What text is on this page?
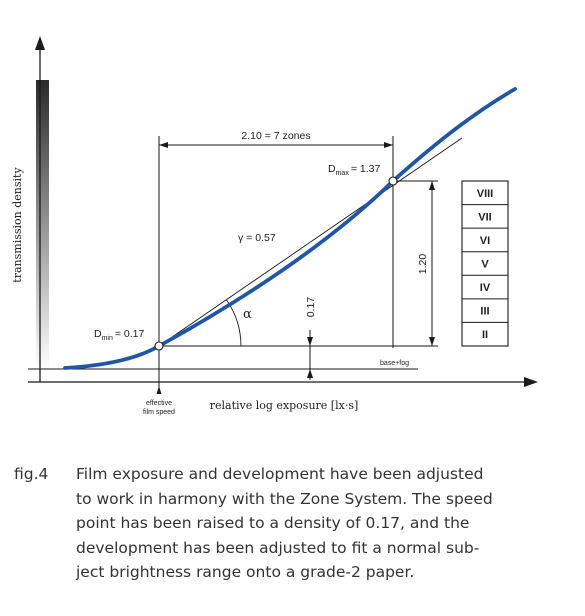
transmission density
relative log exposure [lx·s]
effective
film speed
base+fog
2.10 = 7 zones
1.20
0.17
α
γ = 0.57
$D_{min} = 0.17$
$D_{max} = 1.37$
VIII
VII
VI
V
IV
III
II
fig.4	Film exposure and development have been adjusted
to work in harmony with the Zone System. The speed
point has been raised to a density of 0.17, and the
development has been adjusted to fit a normal sub-
ject brightness range onto a grade-2 paper.
